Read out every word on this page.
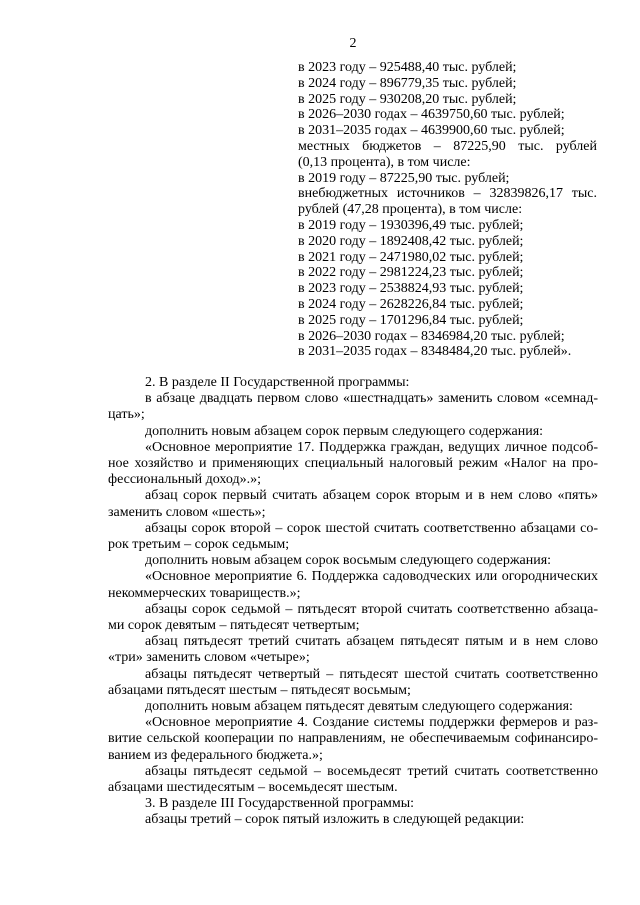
2
в 2023 году – 925488,40 тыс. рублей;
в 2024 году – 896779,35 тыс. рублей;
в 2025 году – 930208,20 тыс. рублей;
в 2026–2030 годах – 4639750,60 тыс. рублей;
в 2031–2035 годах – 4639900,60 тыс. рублей;
местных бюджетов – 87225,90 тыс. рублей
(0,13 процента), в том числе:
в 2019 году – 87225,90 тыс. рублей;
внебюджетных источников – 32839826,17 тыс.
рублей (47,28 процента), в том числе:
в 2019 году – 1930396,49 тыс. рублей;
в 2020 году – 1892408,42 тыс. рублей;
в 2021 году – 2471980,02 тыс. рублей;
в 2022 году – 2981224,23 тыс. рублей;
в 2023 году – 2538824,93 тыс. рублей;
в 2024 году – 2628226,84 тыс. рублей;
в 2025 году – 1701296,84 тыс. рублей;
в 2026–2030 годах – 8346984,20 тыс. рублей;
в 2031–2035 годах – 8348484,20 тыс. рублей».
2. В разделе II Государственной программы:
в абзаце двадцать первом слово «шестнадцать» заменить словом «семнад-
цать»;
дополнить новым абзацем сорок первым следующего содержания:
«Основное мероприятие 17. Поддержка граждан, ведущих личное подсоб-
ное хозяйство и применяющих специальный налоговый режим «Налог на про-
фессиональный доход».»;
абзац сорок первый считать абзацем сорок вторым и в нем слово «пять»
заменить словом «шесть»;
абзацы сорок второй – сорок шестой считать соответственно абзацами со-
рок третьим – сорок седьмым;
дополнить новым абзацем сорок восьмым следующего содержания:
«Основное мероприятие 6. Поддержка садоводческих или огороднических
некоммерческих товариществ.»;
абзацы сорок седьмой – пятьдесят второй считать соответственно абзаца-
ми сорок девятым – пятьдесят четвертым;
абзац пятьдесят третий считать абзацем пятьдесят пятым и в нем слово
«три» заменить словом «четыре»;
абзацы пятьдесят четвертый – пятьдесят шестой считать соответственно
абзацами пятьдесят шестым – пятьдесят восьмым;
дополнить новым абзацем пятьдесят девятым следующего содержания:
«Основное мероприятие 4. Создание системы поддержки фермеров и раз-
витие сельской кооперации по направлениям, не обеспечиваемым софинансиро-
ванием из федерального бюджета.»;
абзацы пятьдесят седьмой – восемьдесят третий считать соответственно
абзацами шестидесятым – восемьдесят шестым.
3. В разделе III Государственной программы:
абзацы третий – сорок пятый изложить в следующей редакции:
